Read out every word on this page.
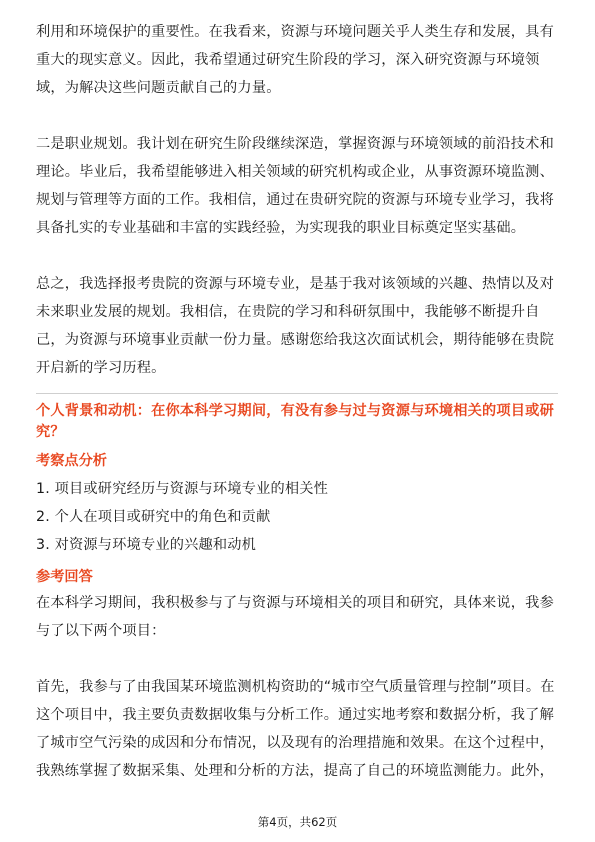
利用和环境保护的重要性。在我看来，资源与环境问题关乎人类生存和发展，具有重大的现实意义。因此，我希望通过研究生阶段的学习，深入研究资源与环境领域，为解决这些问题贡献自己的力量。

二是职业规划。我计划在研究生阶段继续深造，掌握资源与环境领域的前沿技术和理论。毕业后，我希望能够进入相关领域的研究机构或企业，从事资源环境监测、规划与管理等方面的工作。我相信，通过在贵研究院的资源与环境专业学习，我将具备扎实的专业基础和丰富的实践经验，为实现我的职业目标奠定坚实基础。

总之，我选择报考贵院的资源与环境专业，是基于我对该领域的兴趣、热情以及对未来职业发展的规划。我相信，在贵院的学习和科研氛围中，我能够不断提升自己，为资源与环境事业贡献一份力量。感谢您给我这次面试机会，期待能够在贵院开启新的学习历程。

个人背景和动机：在你本科学习期间，有没有参与过与资源与环境相关的项目或研究？

考察点分析
1. 项目或研究经历与资源与环境专业的相关性
2. 个人在项目或研究中的角色和贡献
3. 对资源与环境专业的兴趣和动机
参考回答

在本科学习期间，我积极参与了与资源与环境相关的项目和研究，具体来说，我参与了以下两个项目：

首先，我参与了由我国某环境监测机构资助的“城市空气质量管理与控制”项目。在这个项目中，我主要负责数据收集与分析工作。通过实地考察和数据分析，我了解了城市空气污染的成因和分布情况，以及现有的治理措施和效果。在这个过程中，我熟练掌握了数据采集、处理和分析的方法，提高了自己的环境监测能力。此外，

第4页，共62页
